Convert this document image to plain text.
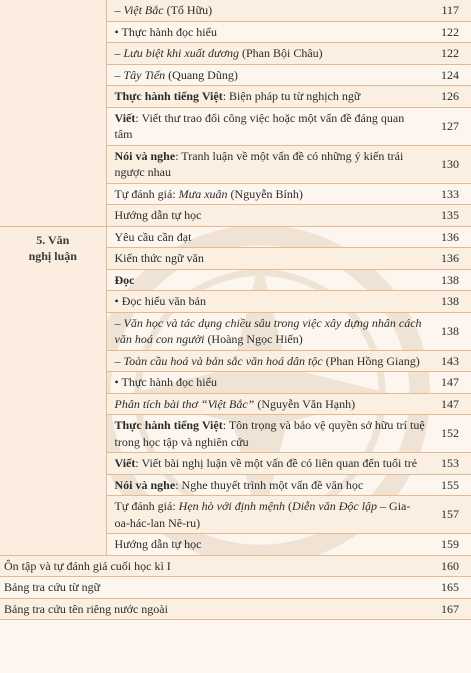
	– Việt Bắc (Tố Hữu)	117
	• Thực hành đọc hiểu	122
	– Lưu biệt khi xuất dương (Phan Bội Châu)	122
	– Tây Tiến (Quang Dũng)	124
	Thực hành tiếng Việt: Biện pháp tu từ nghịch ngữ	126
	Viết: Viết thư trao đổi công việc hoặc một vấn đề đáng quan tâm	127
	Nói và nghe: Tranh luận về một vấn đề có những ý kiến trái ngược nhau	130
	Tự đánh giá: Mưa xuân (Nguyễn Bính)	133
	Hướng dẫn tự học	135
5. Văn
nghị luận	Yêu cầu cần đạt	136
	Kiến thức ngữ văn	136
	Đọc	138
	• Đọc hiểu văn bản	138
	– Văn học và tác dụng chiều sâu trong việc xây dựng nhân cách văn hoá con người (Hoàng Ngọc Hiến)	138
	– Toàn cầu hoá và bản sắc văn hoá dân tộc (Phan Hồng Giang)	143
	• Thực hành đọc hiểu	147
	Phân tích bài thơ “Việt Bắc” (Nguyễn Văn Hạnh)	147
	Thực hành tiếng Việt: Tôn trọng và bảo vệ quyền sở hữu trí tuệ trong học tập và nghiên cứu	152
	Viết: Viết bài nghị luận về một vấn đề có liên quan đến tuổi trẻ	153
	Nói và nghe: Nghe thuyết trình một vấn đề văn học	155
	Tự đánh giá: Hẹn hò với định mệnh (Diễn văn Độc lập – Gia-oa-hác-lan Nê-ru)	157
	Hướng dẫn tự học	159
Ôn tập và tự đánh giá cuối học kì I		160
Bảng tra cứu từ ngữ		165
Bảng tra cứu tên riêng nước ngoài		167
